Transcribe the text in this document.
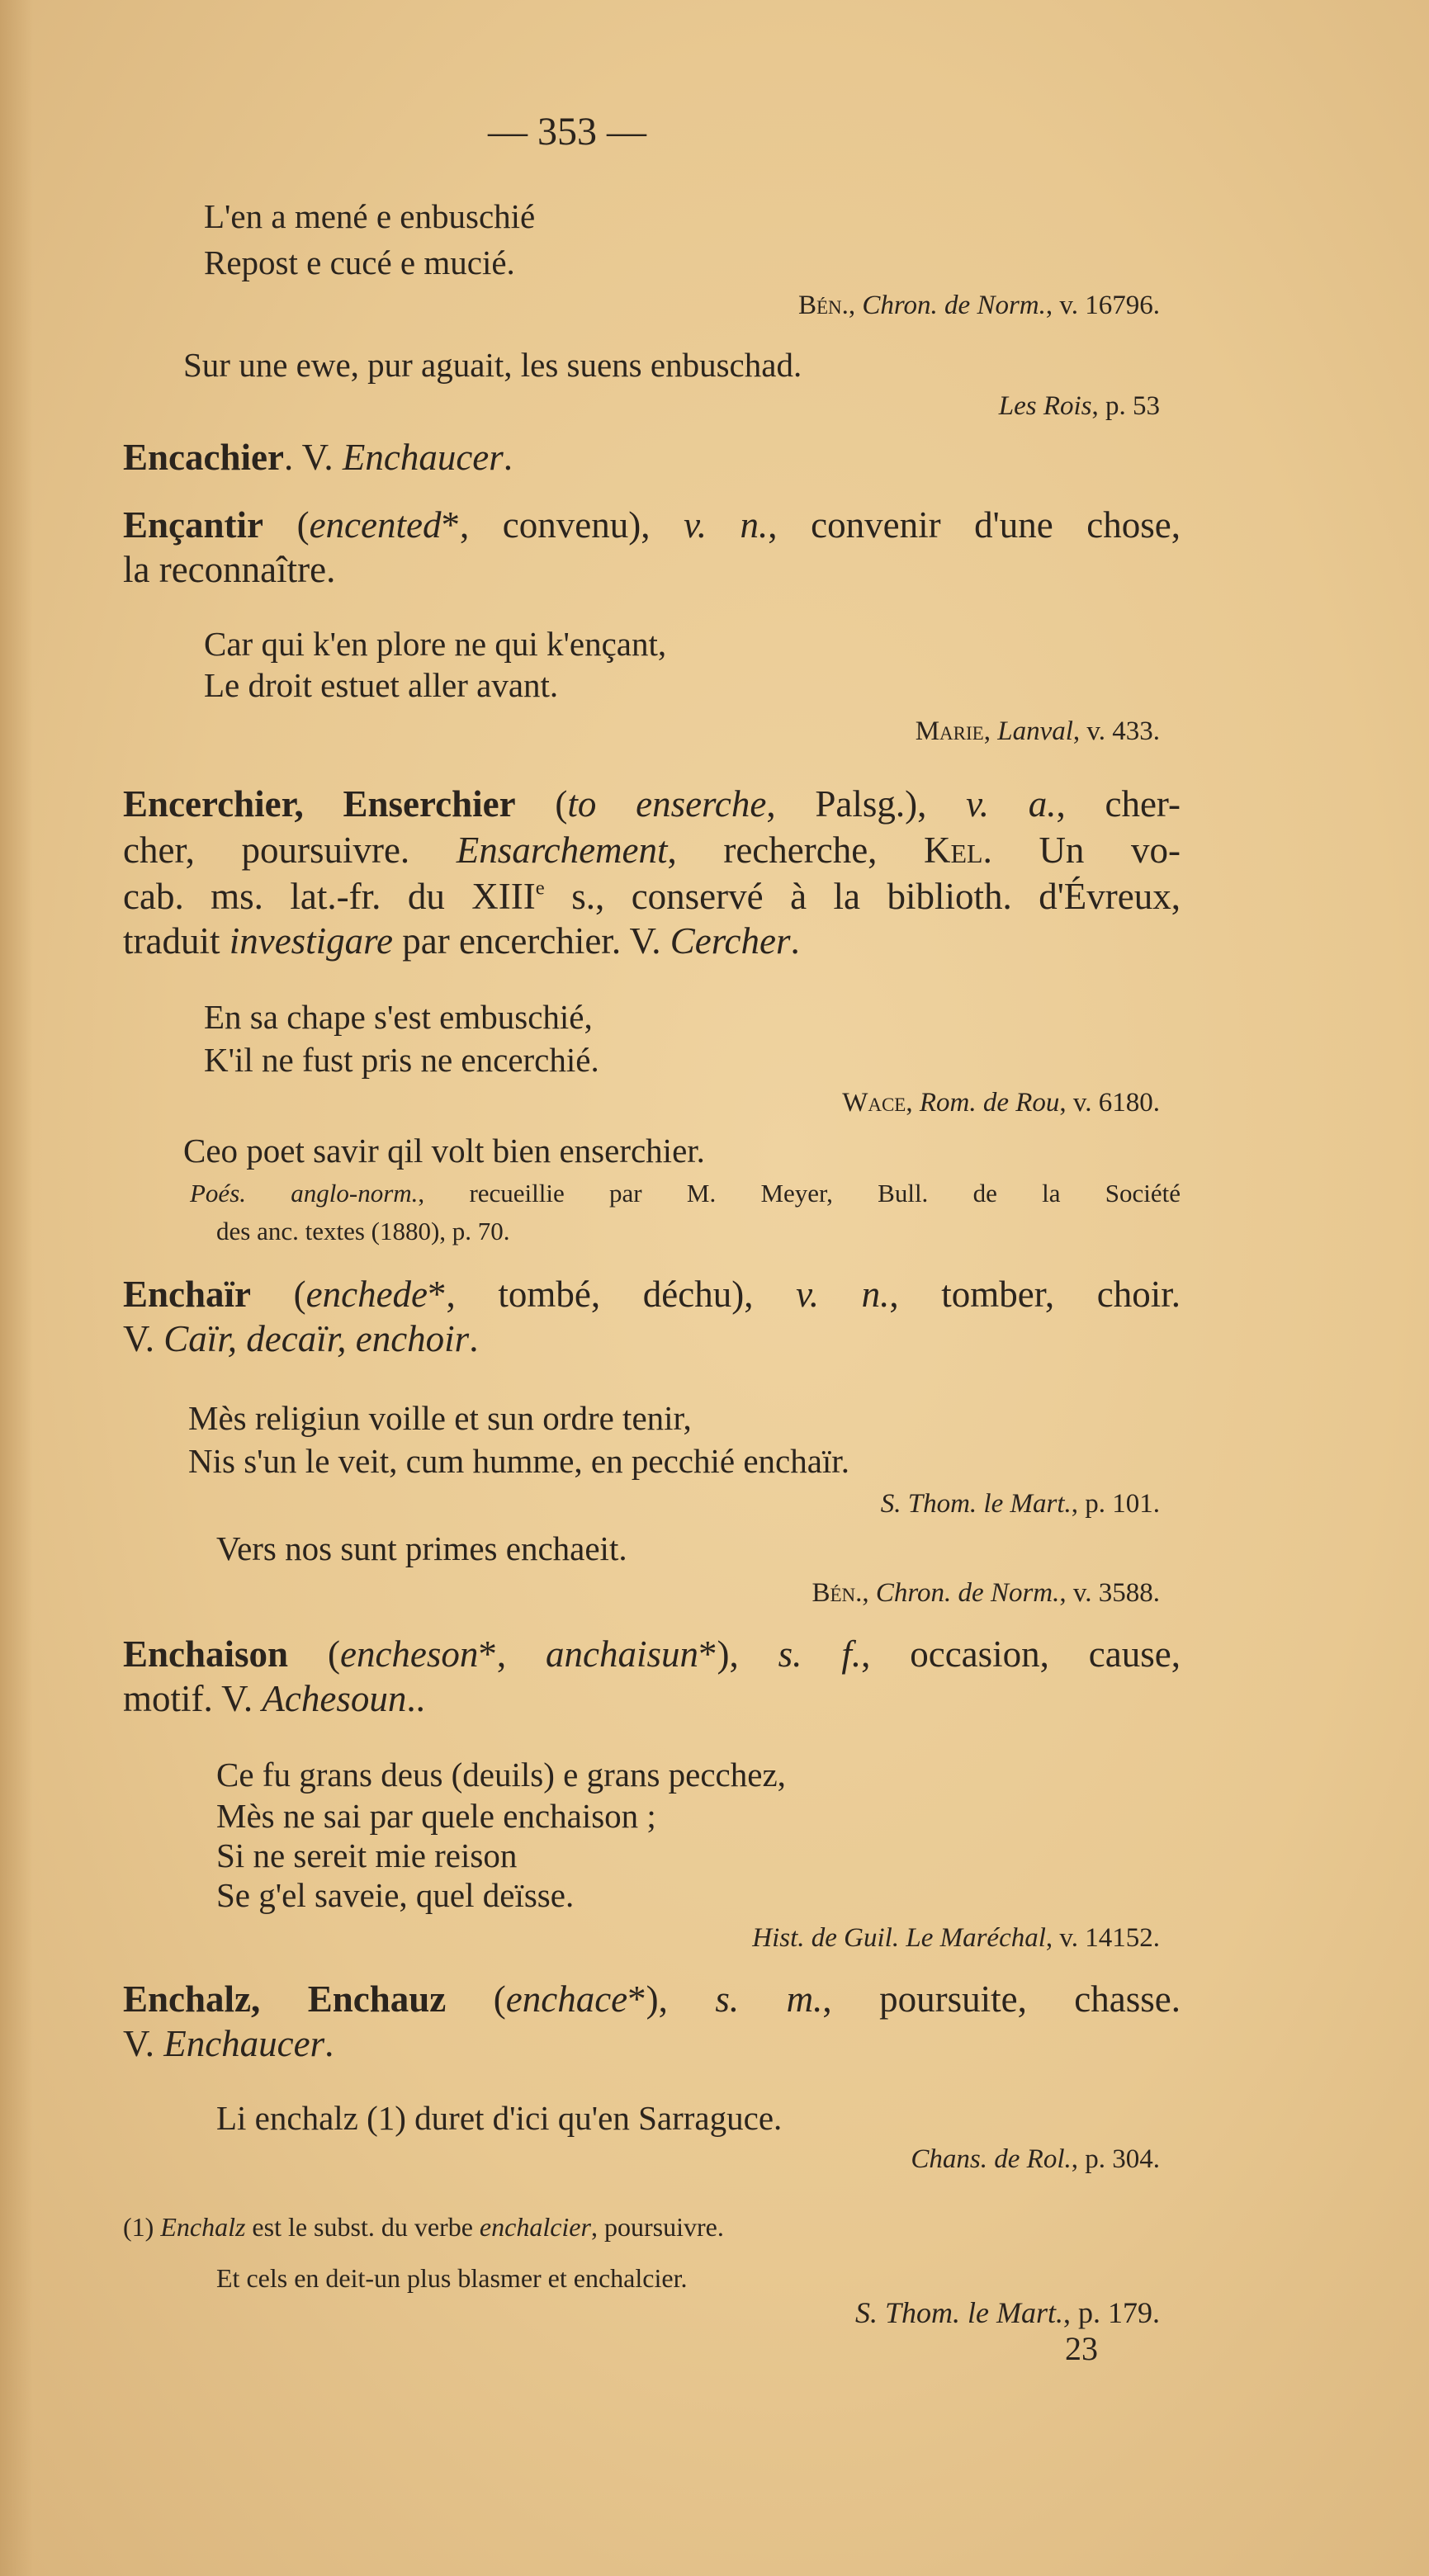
— 353 —
L'en a mené e enbuschié
Repost e cucé e mucié.
Bén., Chron. de Norm., v. 16796.
Sur une ewe, pur aguait, les suens enbuschad.
Les Rois, p. 53
Encachier. V. Enchaucer.
Ençantir (encented*, convenu), v. n., convenir d'une chose,
la reconnaître.
Car qui k'en plore ne qui k'ençant,
Le droit estuet aller avant.
Marie, Lanval, v. 433.
Encerchier, Enserchier (to enserche, Palsg.), v. a., cher-
cher, poursuivre. Ensarchement, recherche, Kel. Un vo-
cab. ms. lat.-fr. du XIIIe s., conservé à la biblioth. d'Évreux,
traduit investigare par encerchier. V. Cercher.
En sa chape s'est embuschié,
K'il ne fust pris ne encerchié.
Wace, Rom. de Rou, v. 6180.
Ceo poet savir qil volt bien enserchier.
Poés. anglo-norm., recueillie par M. Meyer, Bull. de la Société
des anc. textes (1880), p. 70.
Enchaïr (enchede*, tombé, déchu), v. n., tomber, choir.
V. Caïr, decaïr, enchoir.
Mès religiun voille et sun ordre tenir,
Nis s'un le veit, cum humme, en pecchié enchaïr.
S. Thom. le Mart., p. 101.
Vers nos sunt primes enchaeit.
Bén., Chron. de Norm., v. 3588.
Enchaison (encheson*, anchaisun*), s. f., occasion, cause,
motif. V. Achesoun..
Ce fu grans deus (deuils) e grans pecchez,
Mès ne sai par quele enchaison ;
Si ne sereit mie reison
Se g'el saveie, quel deïsse.
Hist. de Guil. Le Maréchal, v. 14152.
Enchalz, Enchauz (enchace*), s. m., poursuite, chasse.
V. Enchaucer.
Li enchalz (1) duret d'ici qu'en Sarraguce.
Chans. de Rol., p. 304.
(1) Enchalz est le subst. du verbe enchalcier, poursuivre.
Et cels en deit-un plus blasmer et enchalcier.
S. Thom. le Mart., p. 179.
23
